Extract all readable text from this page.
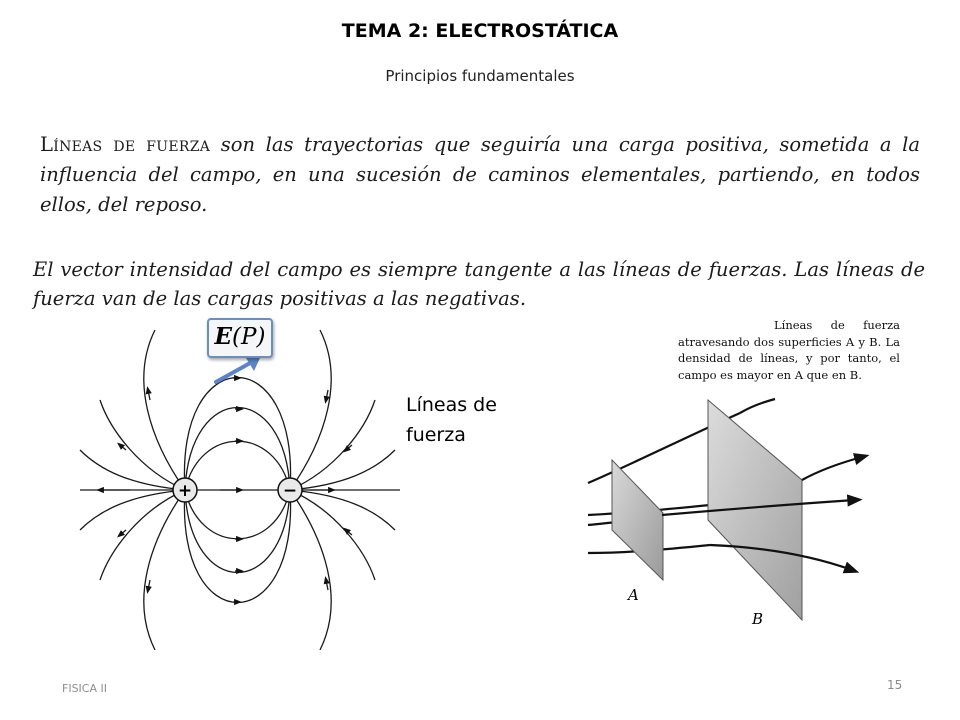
TEMA 2: ELECTROSTÁTICA
Principios fundamentales
Líneas de fuerza son las trayectorias que seguiría una carga positiva, sometida a la influencia del campo, en una sucesión de caminos elementales, partiendo, en todos ellos, del reposo.
El vector intensidad del campo es siempre tangente a las líneas de fuerzas. Las líneas de fuerza van de las cargas positivas a las negativas.
+	−
E(P)
Líneas de fuerza
Líneas de fuerza atravesando dos superficies A y B. La densidad de líneas, y por tanto, el campo es mayor en A que en B.
A
B
FISICA II	15
